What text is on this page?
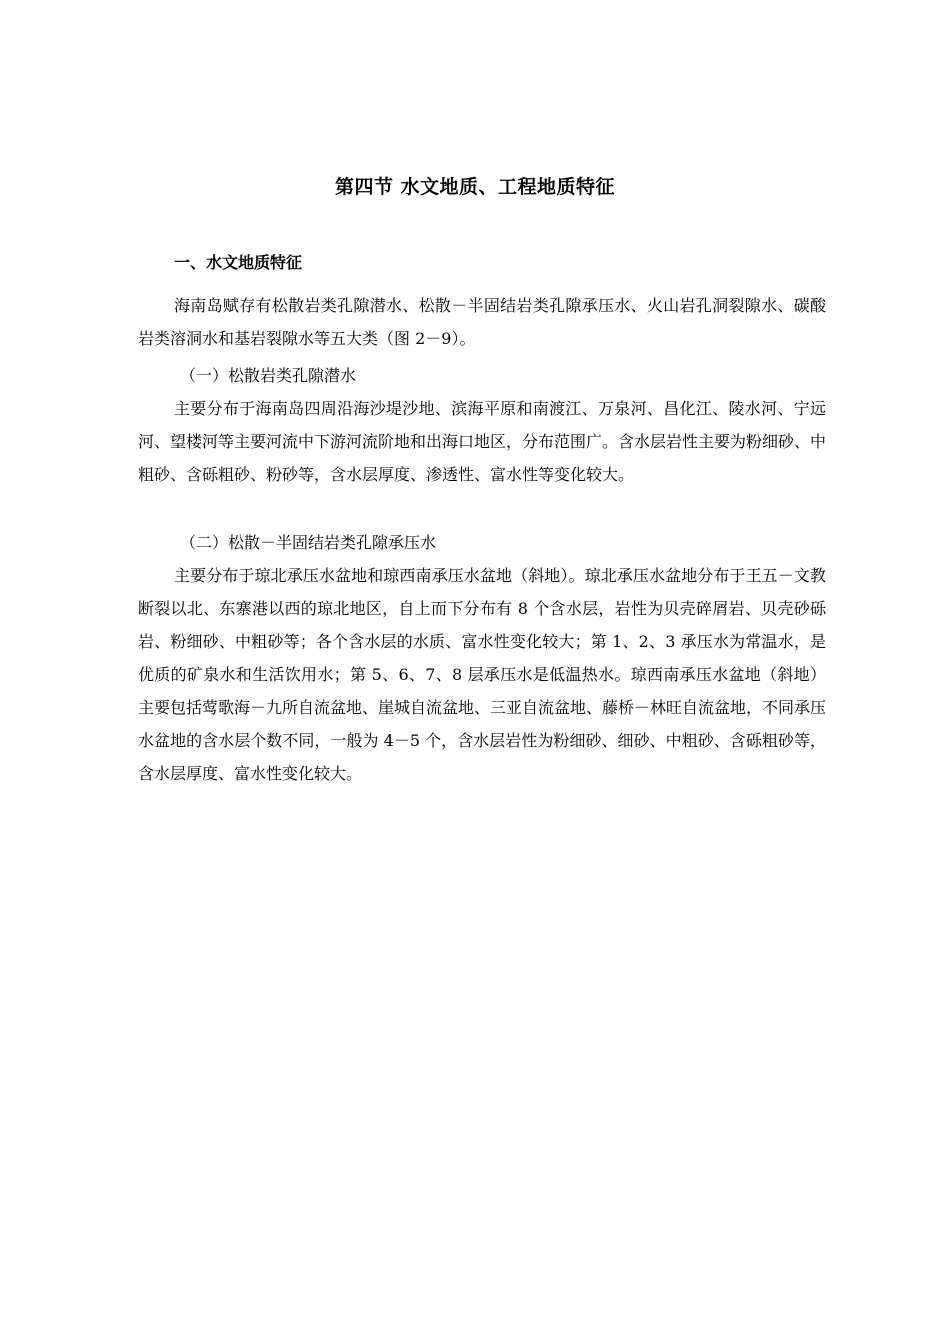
第四节 水文地质、工程地质特征
一、水文地质特征

海南岛赋存有松散岩类孔隙潜水、松散－半固结岩类孔隙承压水、火山岩孔洞裂隙水、碳酸岩类溶洞水和基岩裂隙水等五大类（图 2－9）。

（一）松散岩类孔隙潜水

主要分布于海南岛四周沿海沙堤沙地、滨海平原和南渡江、万泉河、昌化江、陵水河、宁远河、望楼河等主要河流中下游河流阶地和出海口地区，分布范围广。含水层岩性主要为粉细砂、中粗砂、含砾粗砂、粉砂等，含水层厚度、渗透性、富水性等变化较大。

（二）松散－半固结岩类孔隙承压水

主要分布于琼北承压水盆地和琼西南承压水盆地（斜地）。琼北承压水盆地分布于王五－文教断裂以北、东寨港以西的琼北地区，自上而下分布有 8 个含水层，岩性为贝壳碎屑岩、贝壳砂砾岩、粉细砂、中粗砂等；各个含水层的水质、富水性变化较大；第 1、2、3 承压水为常温水，是优质的矿泉水和生活饮用水；第 5、6、7、8 层承压水是低温热水。琼西南承压水盆地（斜地）主要包括莺歌海－九所自流盆地、崖城自流盆地、三亚自流盆地、藤桥－林旺自流盆地，不同承压水盆地的含水层个数不同，一般为 4－5 个，含水层岩性为粉细砂、细砂、中粗砂、含砾粗砂等，含水层厚度、富水性变化较大。
